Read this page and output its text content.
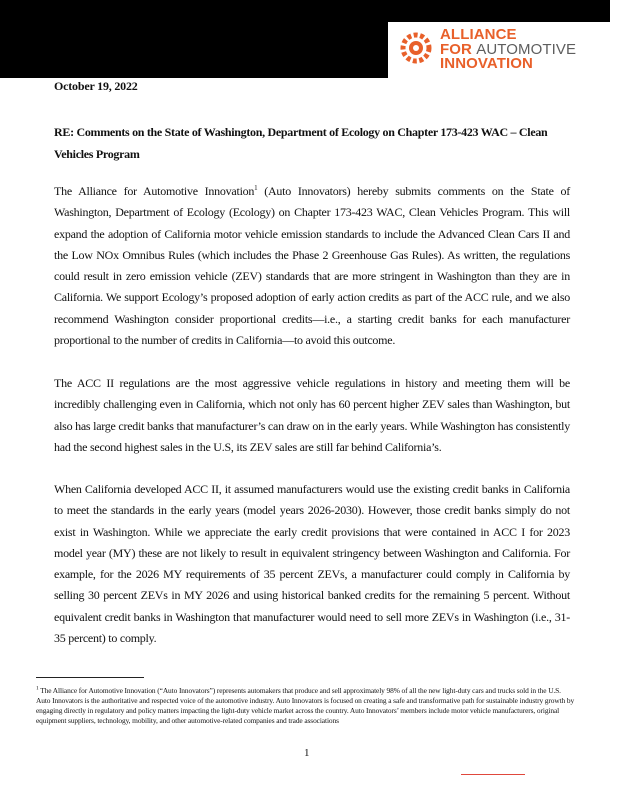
ALLIANCE
FOR AUTOMOTIVE
INNOVATION
October 19, 2022
RE: Comments on the State of Washington, Department of Ecology on Chapter 173-423 WAC – Clean Vehicles Program

The Alliance for Automotive Innovation$^1$ (Auto Innovators) hereby submits comments on the State of Washington, Department of Ecology (Ecology) on Chapter 173-423 WAC, Clean Vehicles Program. This will expand the adoption of California motor vehicle emission standards to include the Advanced Clean Cars II and the Low NOx Omnibus Rules (which includes the Phase 2 Greenhouse Gas Rules). As written, the regulations could result in zero emission vehicle (ZEV) standards that are more stringent in Washington than they are in California. We support Ecology’s proposed adoption of early action credits as part of the ACC rule, and we also recommend Washington consider proportional credits—i.e., a starting credit banks for each manufacturer proportional to the number of credits in California—to avoid this outcome.

The ACC II regulations are the most aggressive vehicle regulations in history and meeting them will be incredibly challenging even in California, which not only has 60 percent higher ZEV sales than Washington, but also has large credit banks that manufacturer’s can draw on in the early years. While Washington has consistently had the second highest sales in the U.S, its ZEV sales are still far behind California’s.

When California developed ACC II, it assumed manufacturers would use the existing credit banks in California to meet the standards in the early years (model years 2026-2030). However, those credit banks simply do not exist in Washington. While we appreciate the early credit provisions that were contained in ACC I for 2023 model year (MY) these are not likely to result in equivalent stringency between Washington and California. For example, for the 2026 MY requirements of 35 percent ZEVs, a manufacturer could comply in California by selling 30 percent ZEVs in MY 2026 and using historical banked credits for the remaining 5 percent. Without equivalent credit banks in Washington that manufacturer would need to sell more ZEVs in Washington (i.e., 31-35 percent) to comply.

$^1$ The Alliance for Automotive Innovation (“Auto Innovators”) represents automakers that produce and sell approximately 98% of all the new light-duty cars and trucks sold in the U.S. Auto Innovators is the authoritative and respected voice of the automotive industry. Auto Innovators is focused on creating a safe and transformative path for sustainable industry growth by engaging directly in regulatory and policy matters impacting the light-duty vehicle market across the country. Auto Innovators’ members include motor vehicle manufacturers, original equipment suppliers, technology, mobility, and other automotive-related companies and trade associations
1
